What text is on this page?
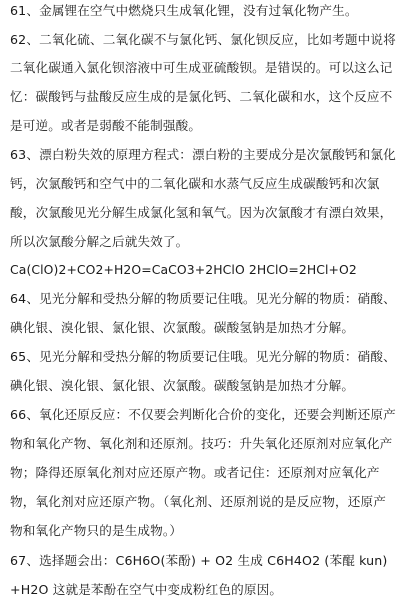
61、金属锂在空气中燃烧只生成氧化锂，没有过氧化物产生。
62、二氧化硫、二氧化碳不与氯化钙、氯化钡反应，比如考题中说将
二氧化碳通入氯化钡溶液中可生成亚硫酸钡。是错误的。可以这么记
忆：碳酸钙与盐酸反应生成的是氯化钙、二氧化碳和水，这个反应不
是可逆。或者是弱酸不能制强酸。
63、漂白粉失效的原理方程式：漂白粉的主要成分是次氯酸钙和氯化
钙，次氯酸钙和空气中的二氧化碳和水蒸气反应生成碳酸钙和次氯
酸，次氯酸见光分解生成氯化氢和氧气。因为次氯酸才有漂白效果，
所以次氯酸分解之后就失效了。
Ca(ClO)2+CO2+H2O=CaCO3+2HClO 2HClO=2HCl+O2
64、见光分解和受热分解的物质要记住哦。见光分解的物质：硝酸、
碘化银、溴化银、氯化银、次氯酸。碳酸氢钠是加热才分解。
65、见光分解和受热分解的物质要记住哦。见光分解的物质：硝酸、
碘化银、溴化银、氯化银、次氯酸。碳酸氢钠是加热才分解。
66、氧化还原反应：不仅要会判断化合价的变化，还要会判断还原产
物和氧化产物、氧化剂和还原剂。技巧：升失氧化还原剂对应氧化产
物；降得还原氧化剂对应还原产物。或者记住：还原剂对应氧化产
物，氧化剂对应还原产物。（氧化剂、还原剂说的是反应物，还原产
物和氧化产物只的是生成物。）
67、选择题会出：C6H6O(苯酚) + O2 生成 C6H4O2 (苯醌 kun)
+H2O 这就是苯酚在空气中变成粉红色的原因。
